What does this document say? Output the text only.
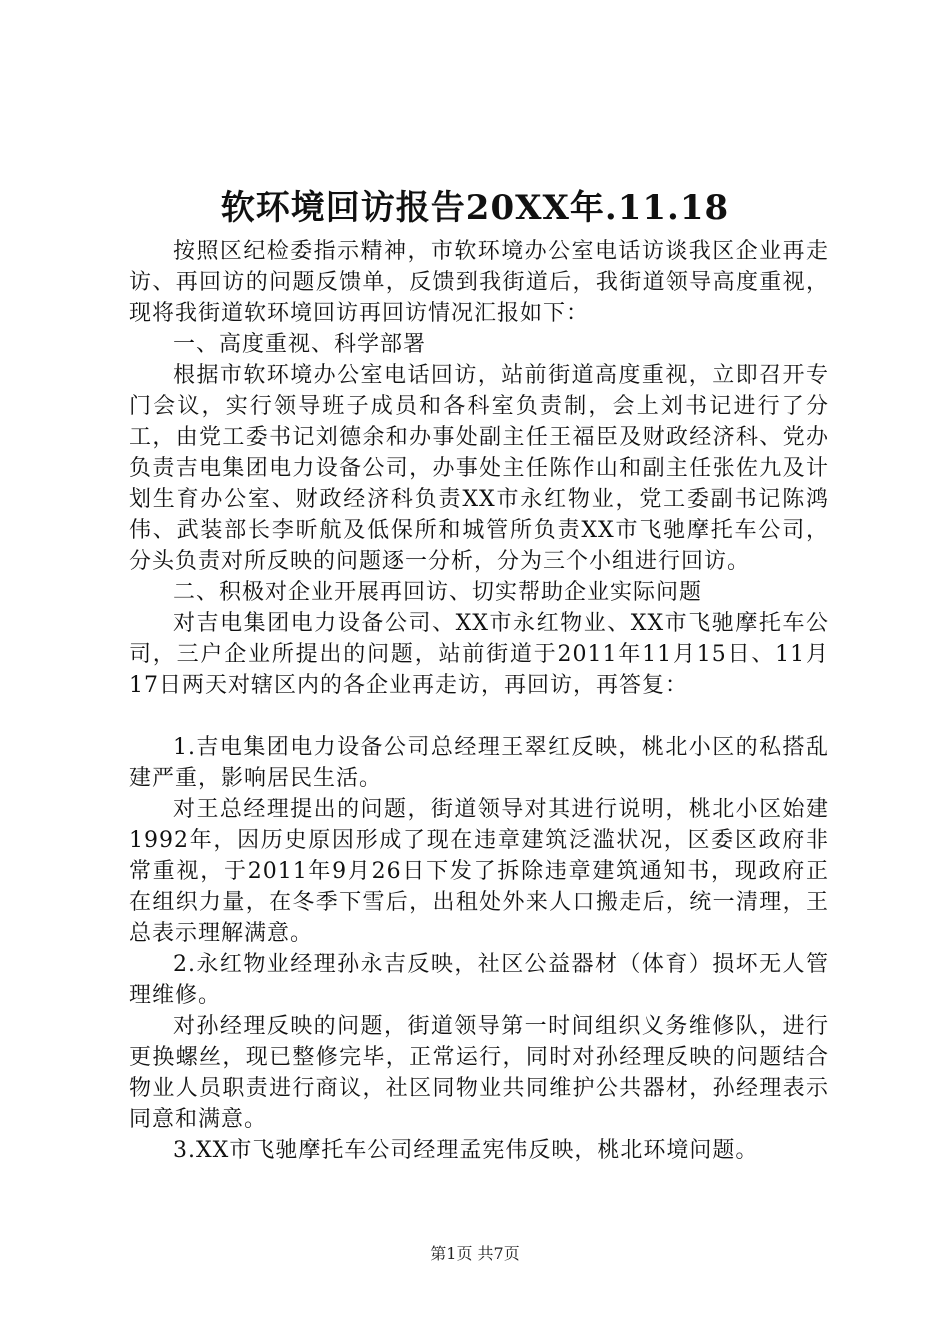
软环境回访报告20XX年.11.18

按照区纪检委指示精神，市软环境办公室电话访谈我区企业再走访、再回访的问题反馈单，反馈到我街道后，我街道领导高度重视，现将我街道软环境回访再回访情况汇报如下：

一、高度重视、科学部署

根据市软环境办公室电话回访，站前街道高度重视，立即召开专门会议，实行领导班子成员和各科室负责制，会上刘书记进行了分工，由党工委书记刘德余和办事处副主任王福臣及财政经济科、党办负责吉电集团电力设备公司，办事处主任陈作山和副主任张佐九及计划生育办公室、财政经济科负责XX市永红物业，党工委副书记陈鸿伟、武装部长李昕航及低保所和城管所负责XX市飞驰摩托车公司，分头负责对所反映的问题逐一分析，分为三个小组进行回访。

二、积极对企业开展再回访、切实帮助企业实际问题

对吉电集团电力设备公司、XX市永红物业、XX市飞驰摩托车公司，三户企业所提出的问题，站前街道于2011年11月15日、11月17日两天对辖区内的各企业再走访，再回访，再答复：

1.吉电集团电力设备公司总经理王翠红反映，桃北小区的私搭乱建严重，影响居民生活。

对王总经理提出的问题，街道领导对其进行说明，桃北小区始建1992年，因历史原因形成了现在违章建筑泛滥状况，区委区政府非常重视，于2011年9月26日下发了拆除违章建筑通知书，现政府正在组织力量，在冬季下雪后，出租处外来人口搬走后，统一清理，王总表示理解满意。

2.永红物业经理孙永吉反映，社区公益器材（体育）损坏无人管理维修。

对孙经理反映的问题，街道领导第一时间组织义务维修队，进行更换螺丝，现已整修完毕，正常运行，同时对孙经理反映的问题结合物业人员职责进行商议，社区同物业共同维护公共器材，孙经理表示同意和满意。

3.XX市飞驰摩托车公司经理孟宪伟反映，桃北环境问题。

第1页 共7页
